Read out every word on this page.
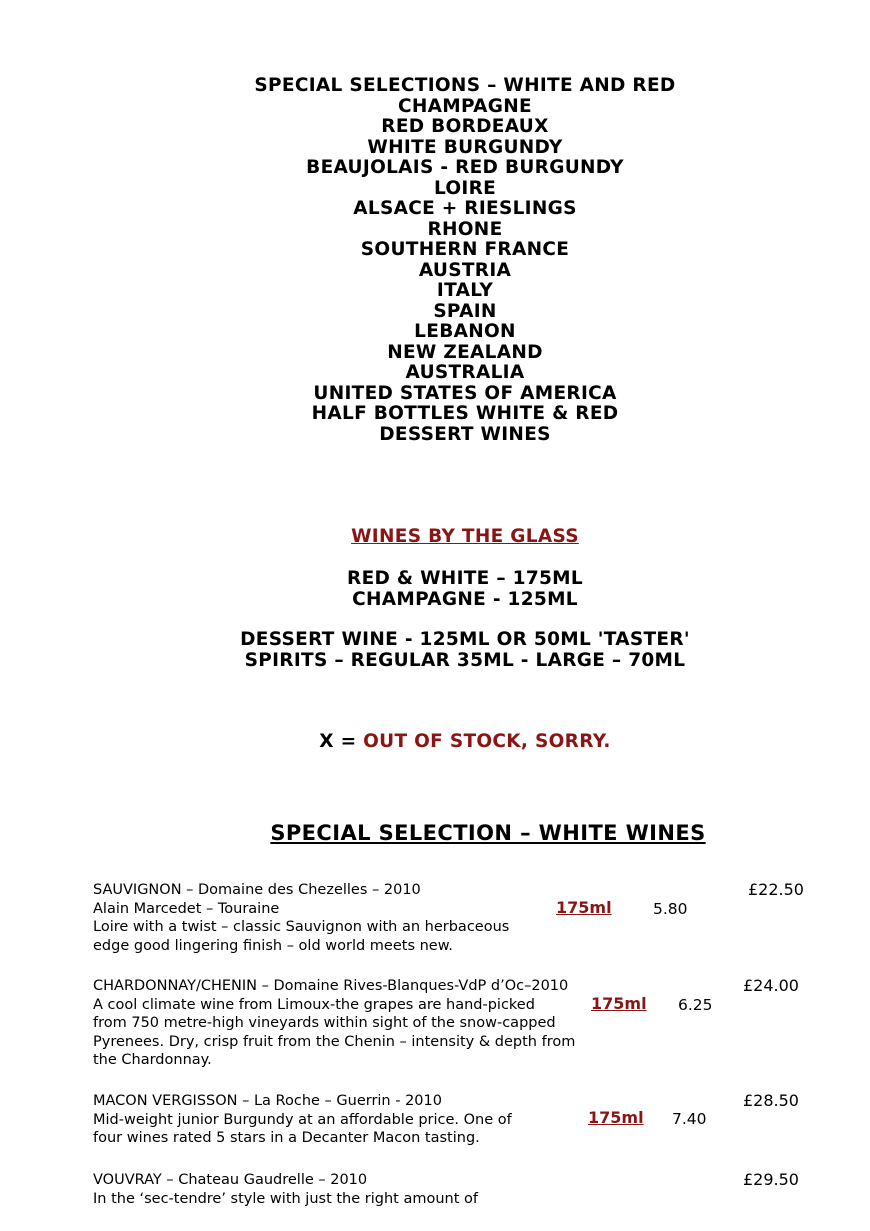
SPECIAL SELECTIONS – WHITE AND RED
CHAMPAGNE
RED BORDEAUX
WHITE BURGUNDY
BEAUJOLAIS - RED BURGUNDY
LOIRE
ALSACE + RIESLINGS
RHONE
SOUTHERN FRANCE
AUSTRIA
ITALY
SPAIN
LEBANON
NEW ZEALAND
AUSTRALIA
UNITED STATES OF AMERICA
HALF BOTTLES WHITE & RED
DESSERT WINES
WINES BY THE GLASS
RED & WHITE – 175ML
CHAMPAGNE - 125ML
DESSERT WINE - 125ML OR 50ML 'TASTER'
SPIRITS – REGULAR 35ML - LARGE – 70ML
X = OUT OF STOCK, SORRY.
SPECIAL SELECTION – WHITE WINES
SAUVIGNON – Domaine des Chezelles – 2010
Alain Marcedet – Touraine
Loire with a twist – classic Sauvignon with an herbaceous
edge good lingering finish – old world meets new.
£22.50
175ml	5.80
CHARDONNAY/CHENIN – Domaine Rives-Blanques-VdP d’Oc–2010
A cool climate wine from Limoux-the grapes are hand-picked
from 750 metre-high vineyards within sight of the snow-capped
Pyrenees. Dry, crisp fruit from the Chenin – intensity & depth from
the Chardonnay.
£24.00
175ml 6.25
MACON VERGISSON – La Roche – Guerrin - 2010
Mid-weight junior Burgundy at an affordable price. One of
four wines rated 5 stars in a Decanter Macon tasting.
£28.50
175ml 7.40
VOUVRAY – Chateau Gaudrelle – 2010
In the ‘sec-tendre’ style with just the right amount of
£29.50
